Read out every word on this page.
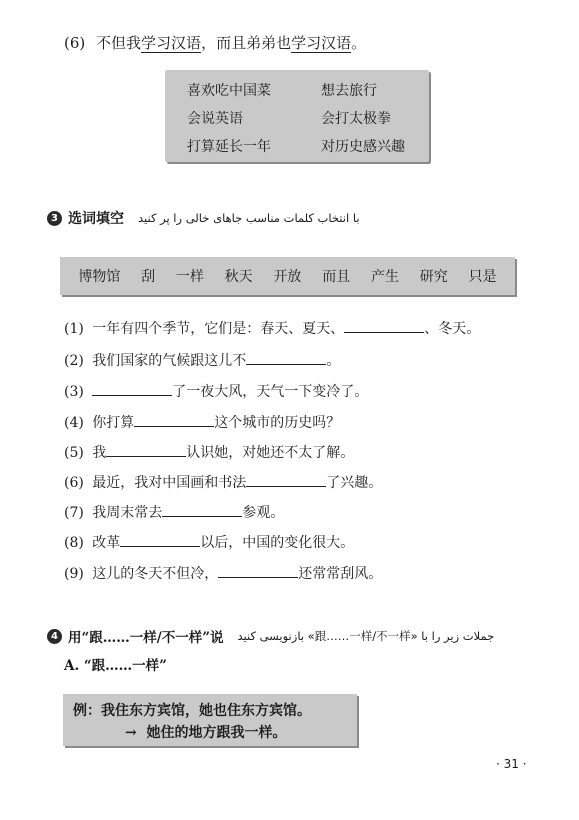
(6) 不但我学习汉语，而且弟弟也学习汉语。
喜欢吃中国菜	想去旅行
会说英语	会打太极拳
打算延长一年	对历史感兴趣
3 选词填空 با انتخاب کلمات مناسب جاهای خالی را پر کنید
博物馆 刮 一样 秋天 开放 而且 产生 研究 只是
(1) 一年有四个季节，它们是：春天、夏天、	、冬天。
(2) 我们国家的气候跟这儿不	。
(3)	了一夜大风，天气一下变冷了。
(4) 你打算	这个城市的历史吗？
(5) 我	认识她，对她还不太了解。
(6) 最近，我对中国画和书法	了兴趣。
(7) 我周末常去	参观。
(8) 改革	以后，中国的变化很大。
(9) 这儿的冬天不但冷，	还常常刮风。
4 用“跟……一样/不一样”说 جملات زیر را با «跟……一样/不一样» بازنویسی کنید
A. “跟……一样”
例：我住东方宾馆，她也住东方宾馆。
→ 她住的地方跟我一样。
· 31 ·
